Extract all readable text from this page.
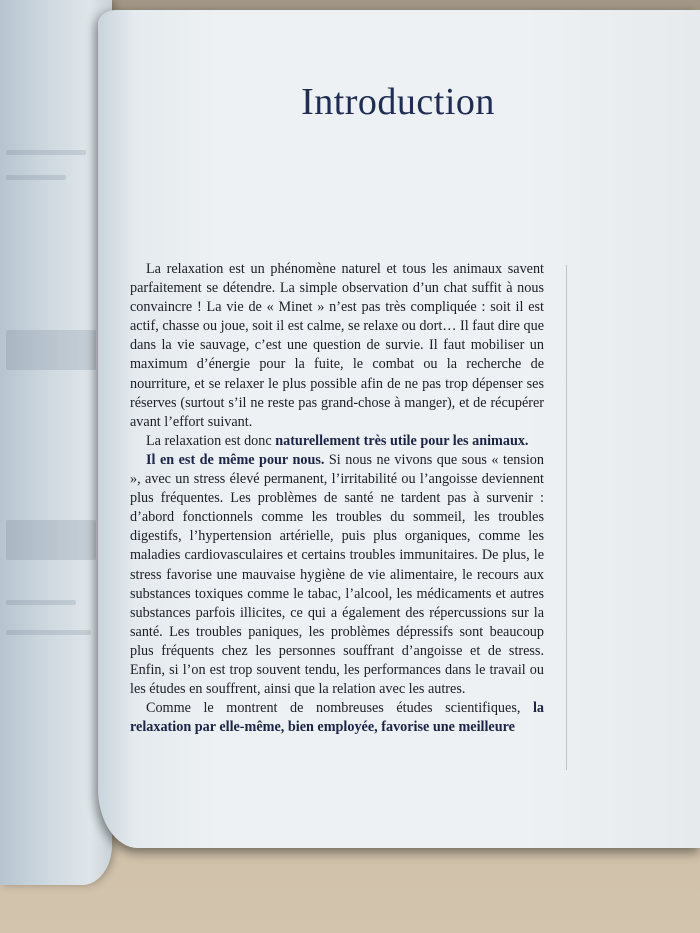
Introduction

La relaxation est un phénomène naturel et tous les animaux savent parfaitement se détendre. La simple observation d’un chat suffit à nous convaincre ! La vie de « Minet » n’est pas très compliquée : soit il est actif, chasse ou joue, soit il est calme, se relaxe ou dort… Il faut dire que dans la vie sauvage, c’est une question de survie. Il faut mobiliser un maximum d’énergie pour la fuite, le combat ou la recherche de nourriture, et se relaxer le plus possible afin de ne pas trop dépenser ses réserves (surtout s’il ne reste pas grand-chose à manger), et de récupérer avant l’effort suivant.

La relaxation est donc naturellement très utile pour les animaux.

Il en est de même pour nous. Si nous ne vivons que sous « tension », avec un stress élevé permanent, l’irritabilité ou l’angoisse deviennent plus fréquentes. Les problèmes de santé ne tardent pas à survenir : d’abord fonctionnels comme les troubles du sommeil, les troubles digestifs, l’hypertension artérielle, puis plus organiques, comme les maladies cardiovasculaires et certains troubles immunitaires. De plus, le stress favorise une mauvaise hygiène de vie alimentaire, le recours aux substances toxiques comme le tabac, l’alcool, les médicaments et autres substances parfois illicites, ce qui a également des répercussions sur la santé. Les troubles paniques, les problèmes dépressifs sont beaucoup plus fréquents chez les personnes souffrant d’angoisse et de stress. Enfin, si l’on est trop souvent tendu, les performances dans le travail ou les études en souffrent, ainsi que la relation avec les autres.

Comme le montrent de nombreuses études scientifiques, la relaxation par elle-même, bien employée, favorise une meilleure
